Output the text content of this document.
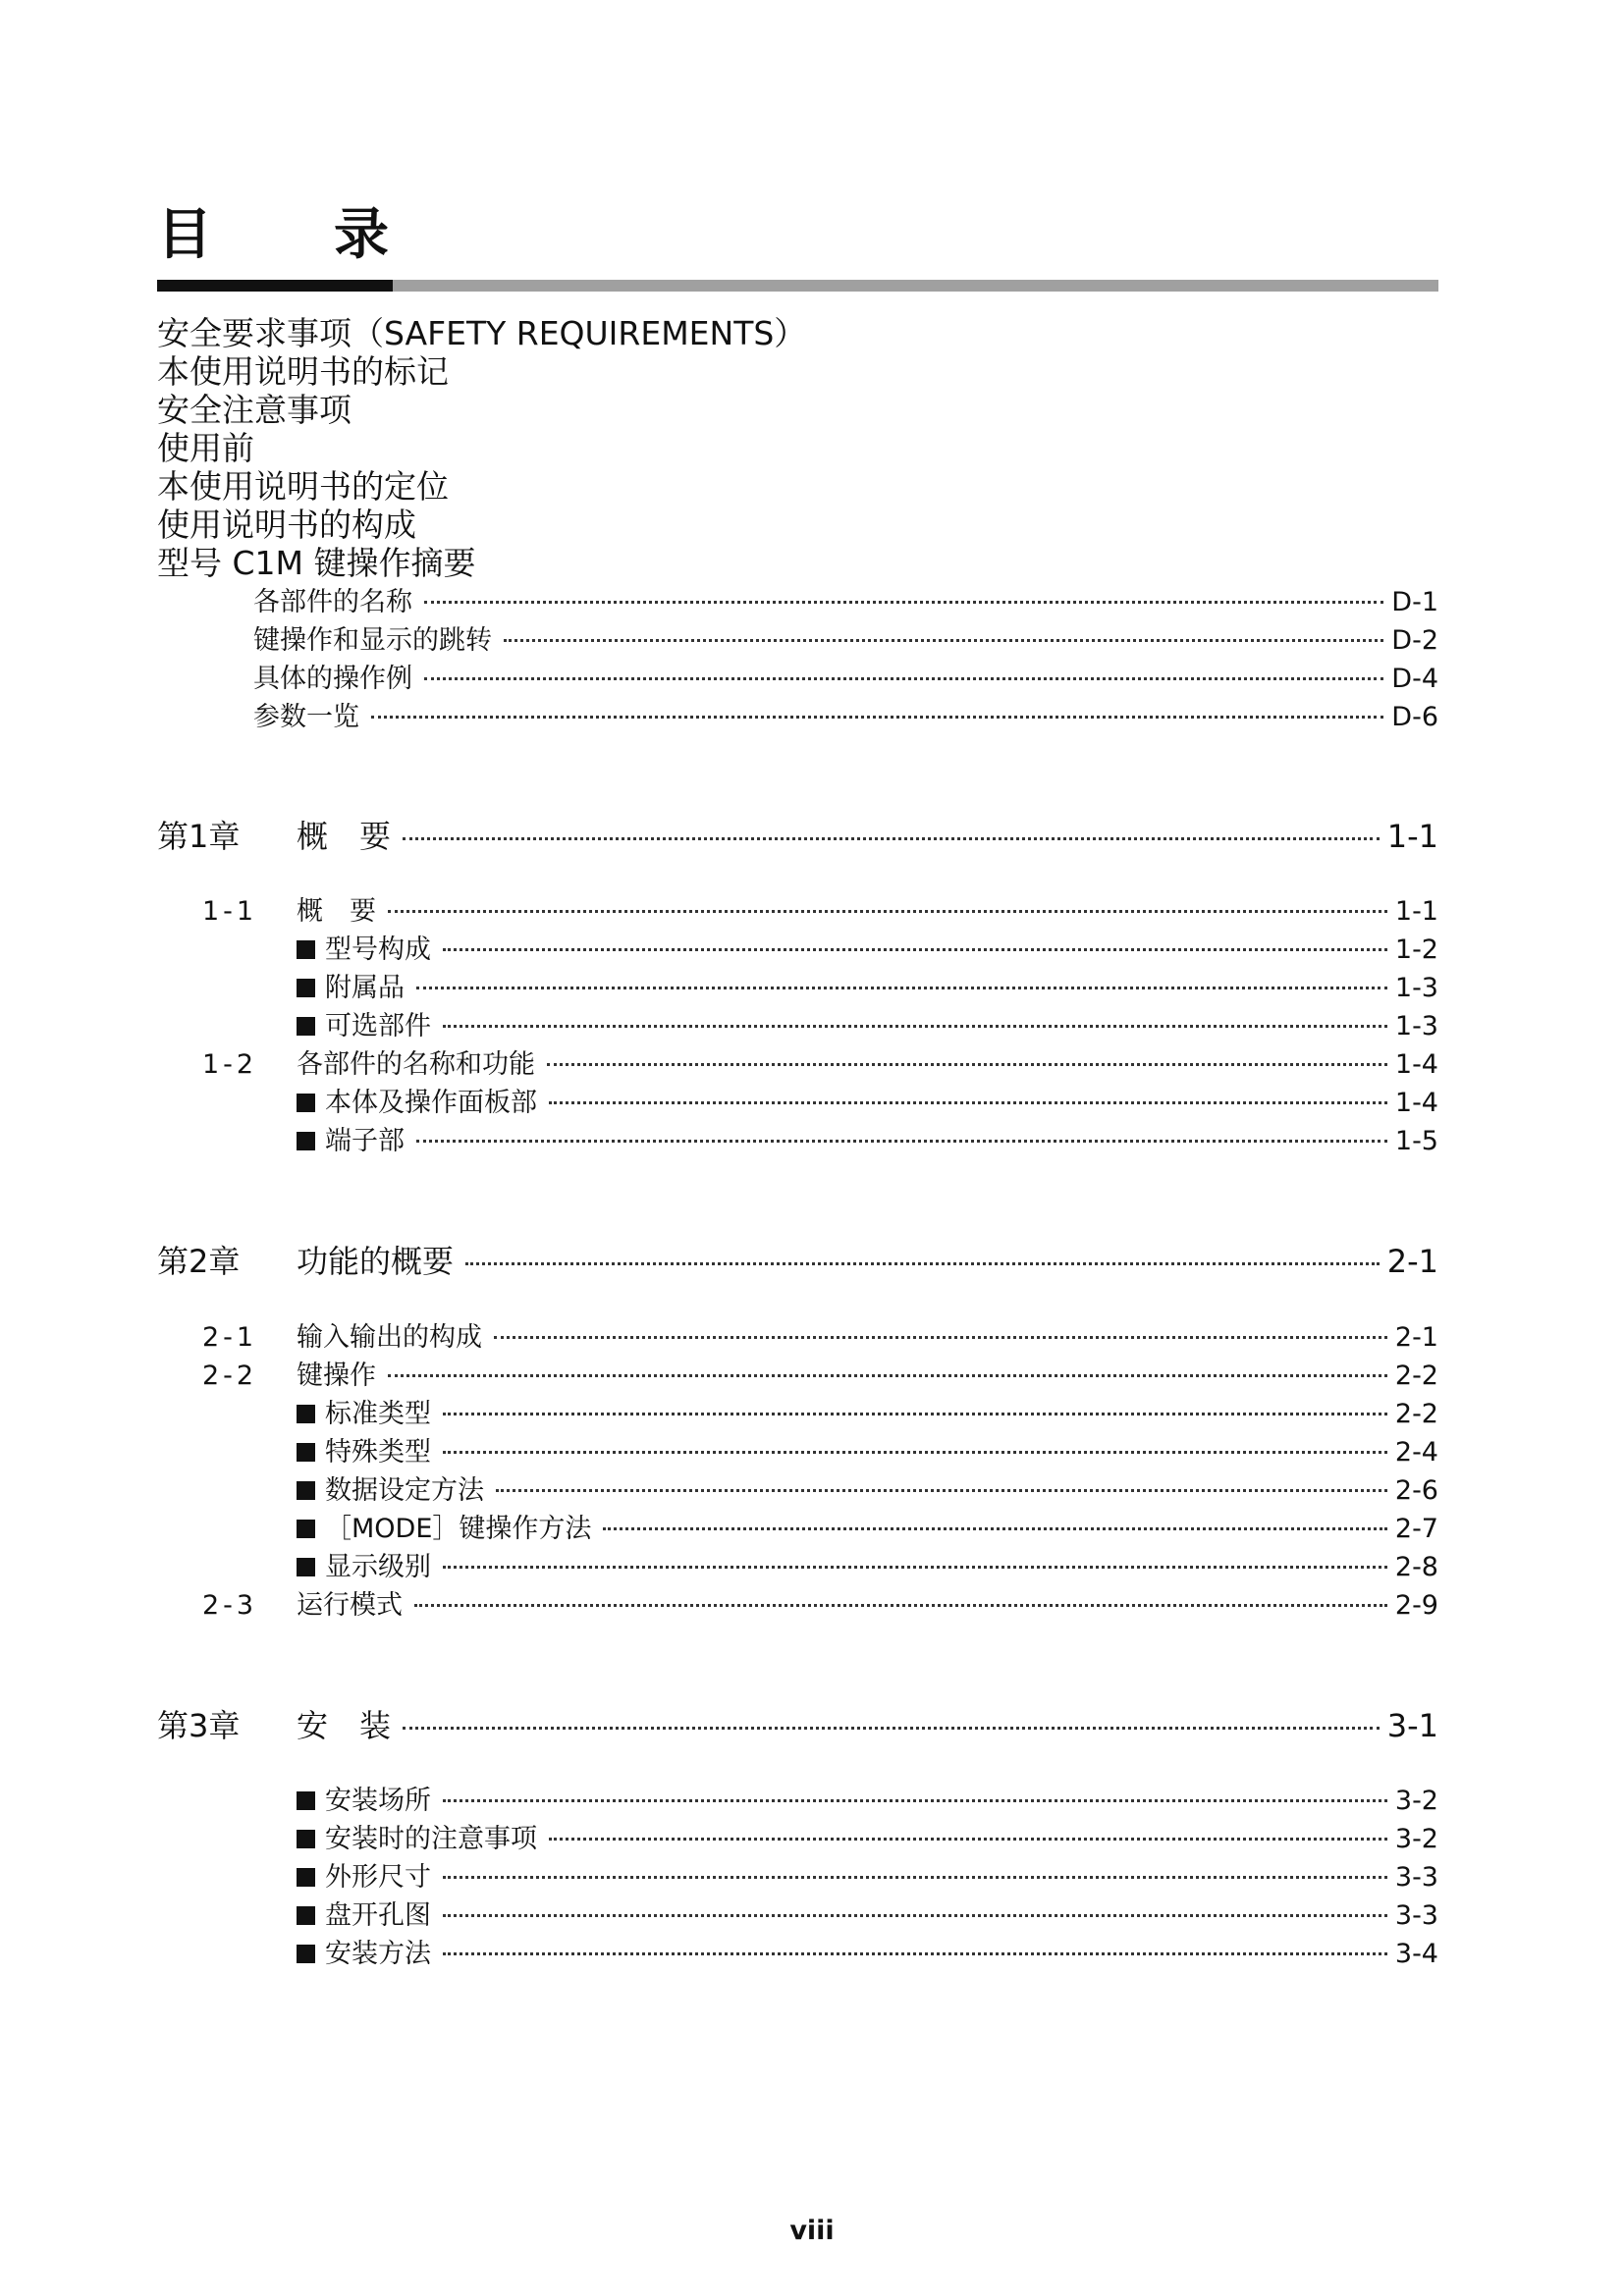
目　录
安全要求事项（SAFETY REQUIREMENTS）
本使用说明书的标记
安全注意事项
使用前
本使用说明书的定位
使用说明书的构成
型号 C1M 键操作摘要
各部件的名称	D-1
键操作和显示的跳转	D-2
具体的操作例	D-4
参数一览	D-6
第1章 概　要	1-1
1-1 概　要	1-1
型号构成	1-2
附属品	1-3
可选部件	1-3
1-2 各部件的名称和功能	1-4
本体及操作面板部	1-4
端子部	1-5
第2章 功能的概要	2-1
2-1 输入输出的构成	2-1
2-2 键操作	2-2
标准类型	2-2
特殊类型	2-4
数据设定方法	2-6
［MODE］键操作方法	2-7
显示级别	2-8
2-3 运行模式	2-9
第3章 安　装	3-1
安装场所	3-2
安装时的注意事项	3-2
外形尺寸	3-3
盘开孔图	3-3
安装方法	3-4
viii
